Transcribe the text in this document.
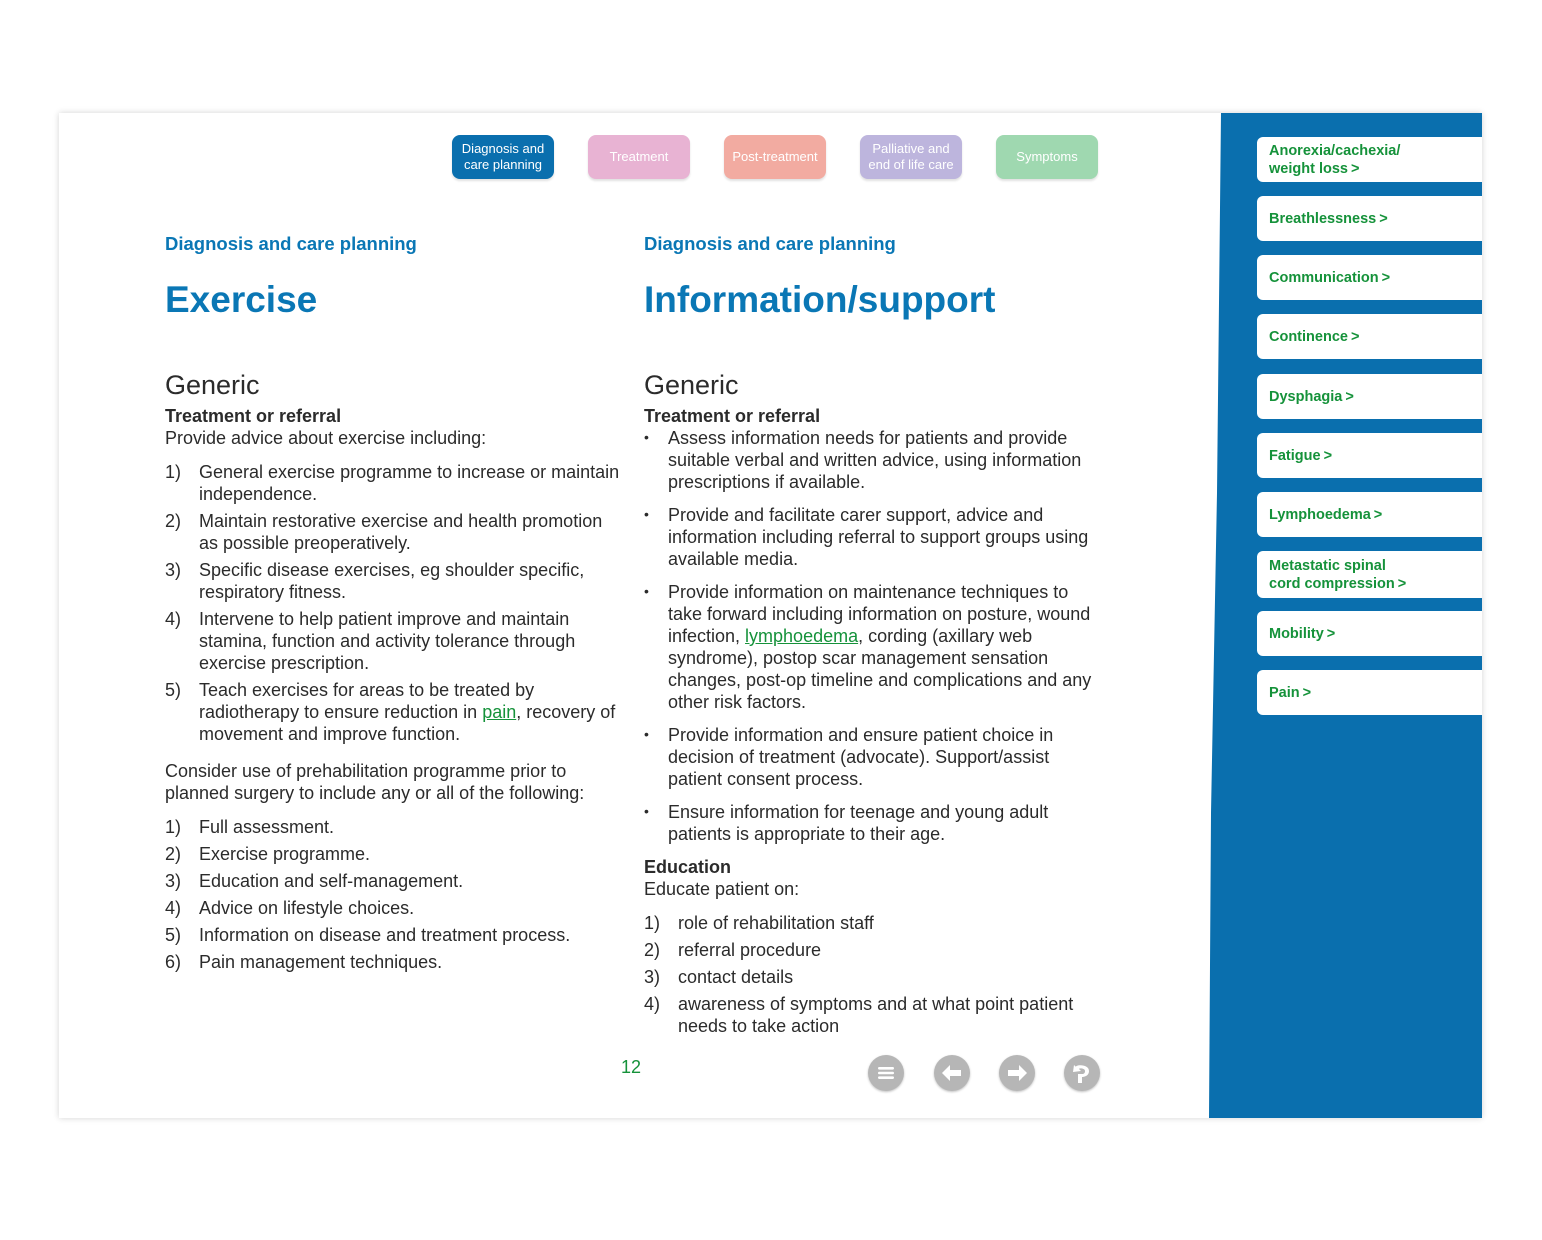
Diagnosis and care planning
Treatment	Post-treatment
Palliative and end of life care
Symptoms
Diagnosis and care planning
Exercise
Diagnosis and care planning
Information/support
Generic

Treatment or referral

Provide advice about exercise including:

1) General exercise programme to increase or maintain independence.
2) Maintain restorative exercise and health promotion as possible preoperatively.
3) Specific disease exercises, eg shoulder specific, respiratory fitness.
4) Intervene to help patient improve and maintain stamina, function and activity tolerance through exercise prescription.
5) Teach exercises for areas to be treated by radiotherapy to ensure reduction in pain, recovery of movement and improve function.

Consider use of prehabilitation programme prior to planned surgery to include any or all of the following:

1) Full assessment.
2) Exercise programme.
3) Education and self-management.
4) Advice on lifestyle choices.
5) Information on disease and treatment process.
6) Pain management techniques.
Generic

Treatment or referral

• Assess information needs for patients and provide suitable verbal and written advice, using information prescriptions if available.
• Provide and facilitate carer support, advice and information including referral to support groups using available media.
• Provide information on maintenance techniques to take forward including information on posture, wound infection, lymphoedema, cording (axillary web syndrome), postop scar management sensation changes, post-op timeline and complications and any other risk factors.
• Provide information and ensure patient choice in decision of treatment (advocate). Support/assist patient consent process.
• Ensure information for teenage and young adult patients is appropriate to their age.

Education

Educate patient on:

1) role of rehabilitation staff
2) referral procedure
3) contact details
4) awareness of symptoms and at what point patient needs to take action
12
Anorexia/cachexia/
weight loss >
Breathlessness >
Communication >
Continence >
Dysphagia >
Fatigue >
Lymphoedema >
Metastatic spinal
cord compression >
Mobility >
Pain >
